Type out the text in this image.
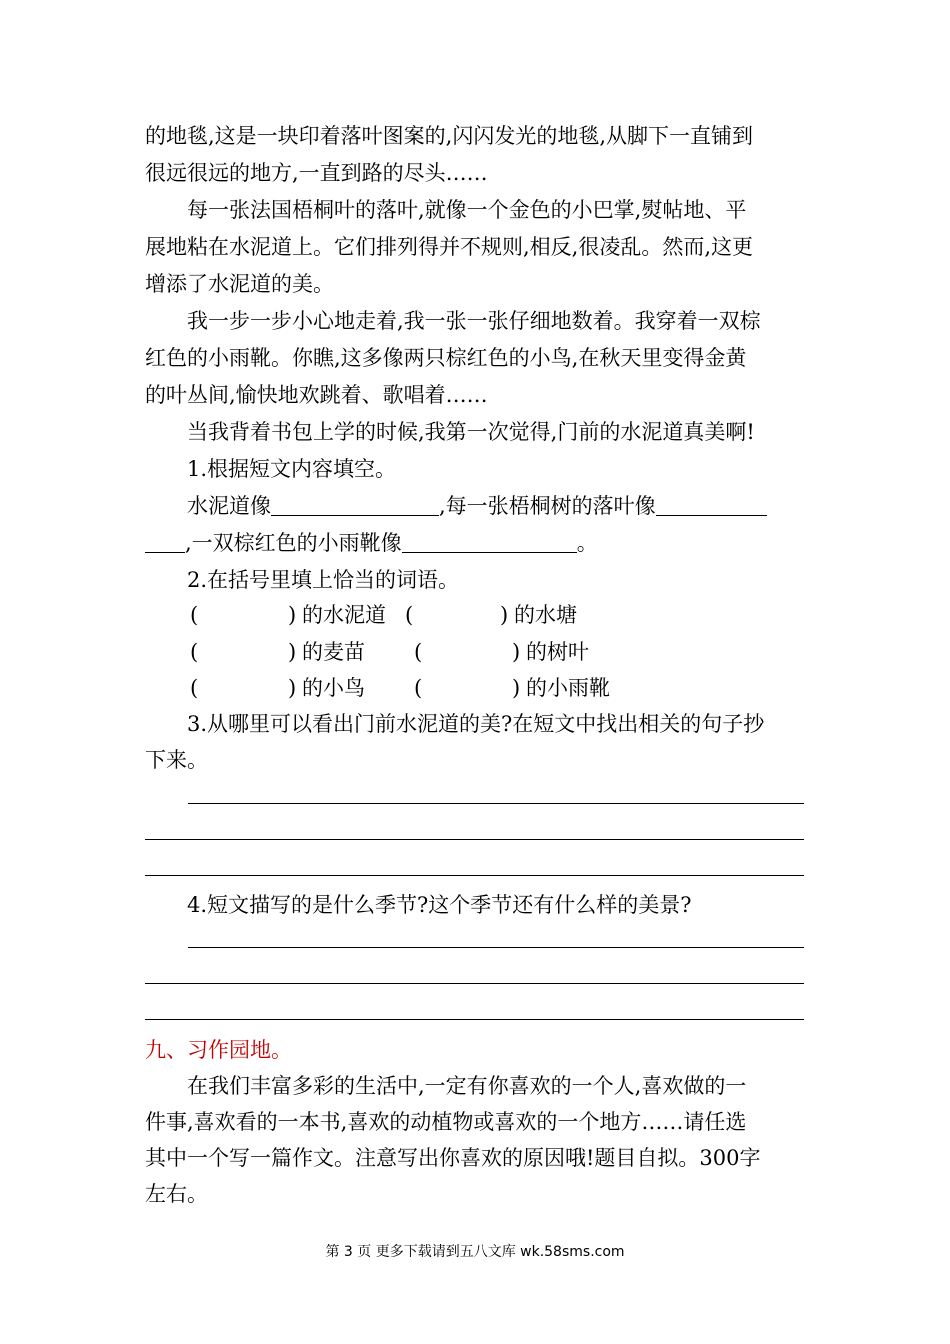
的地毯,这是一块印着落叶图案的,闪闪发光的地毯,从脚下一直铺到
很远很远的地方,一直到路的尽头……
每一张法国梧桐叶的落叶,就像一个金色的小巴掌,熨帖地、平
展地粘在水泥道上。它们排列得并不规则,相反,很凌乱。然而,这更
增添了水泥道的美。
我一步一步小心地走着,我一张一张仔细地数着。我穿着一双棕
红色的小雨靴。你瞧,这多像两只棕红色的小鸟,在秋天里变得金黄
的叶丛间,愉快地欢跳着、歌唱着……
当我背着书包上学的时候,我第一次觉得,门前的水泥道真美啊!
1.根据短文内容填空。
水泥道像	,每一张梧桐树的落叶像
,一双棕红色的小雨靴像	。
2.在括号里填上恰当的词语。
(	) 的水泥道 (	) 的水塘
(	) 的麦苗 (	) 的树叶
(	) 的小鸟 (	) 的小雨靴
3.从哪里可以看出门前水泥道的美?在短文中找出相关的句子抄
下来。
4.短文描写的是什么季节?这个季节还有什么样的美景?
九、习作园地。
在我们丰富多彩的生活中,一定有你喜欢的一个人,喜欢做的一
件事,喜欢看的一本书,喜欢的动植物或喜欢的一个地方……请任选
其中一个写一篇作文。注意写出你喜欢的原因哦!题目自拟。300字
左右。
第 3 页 更多下载请到五八文库 wk.58sms.com
